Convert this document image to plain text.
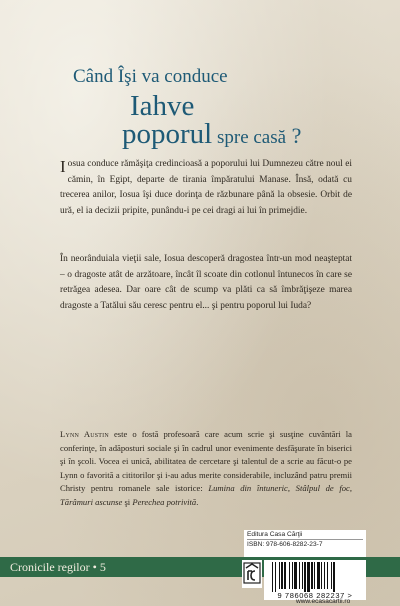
Când Îşi va conduce
Iahve
poporul spre casă ?
Iosua conduce rămăşiţa credincioasă a poporului lui Dumnezeu către noul ei cămin, în Egipt, departe de tirania împăratului Manase. Însă, odată cu trecerea anilor, Iosua îşi duce dorinţa de răzbunare până la obsesie. Orbit de ură, el ia decizii pripite, punându-i pe cei dragi ai lui în primejdie.
În neorânduiala vieţii sale, Iosua descoperă dragostea într-un mod neaşteptat – o dragoste atât de arzătoare, încât îl scoate din cotlonul întunecos în care se retrăgea adesea. Dar oare cât de scump va plăti ca să îmbrăţişeze marea dragoste a Tatălui său ceresc pentru el... şi pentru poporul lui Iuda?
Lynn Austin este o fostă profesoară care acum scrie şi susţine cuvântări la conferinţe, în adăposturi sociale şi în cadrul unor evenimente desfăşurate în biserici şi în şcoli. Vocea ei unică, abilitatea de cercetare şi talentul de a scrie au făcut-o pe Lynn o favorită a cititorilor şi i-au adus merite considerabile, incluzând patru premii Christy pentru romanele sale istorice: Lumina din întuneric, Stâlpul de foc, Tărâmuri ascunse şi Perechea potrivită.
Editura Casa Cărţii
ISBN: 978-606-8282-23-7
Cronicile regilor • 5
9 786068 282237 >
www.ecasacartii.ro
